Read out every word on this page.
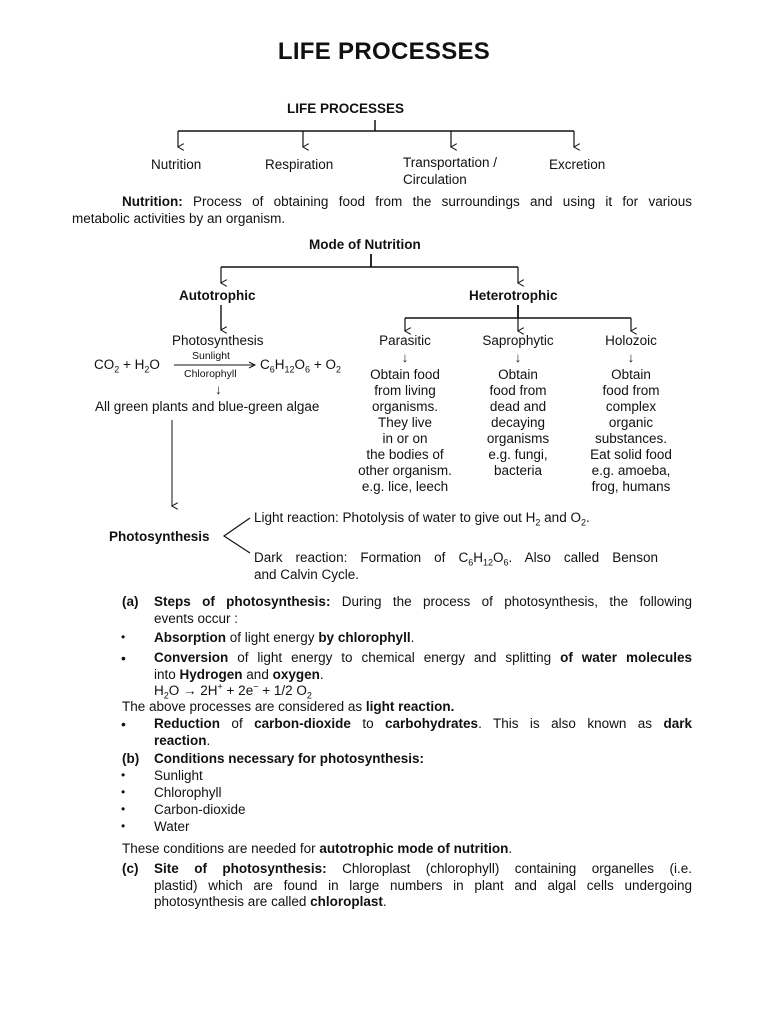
LIFE PROCESSES
LIFE PROCESSES
Nutrition	Respiration	Transportation /
Circulation
Excretion
Nutrition: Process of obtaining food from the surroundings and using it for various
metabolic activities by an organism.
Mode of Nutrition
Autotrophic	Heterotrophic
Photosynthesis
$CO_2 + H_2O$
Sunlight
Chlorophyll
$C_6H_{12}O_6 + O_2$
↓
All green plants and blue-green algae
Parasitic	Saprophytic	Holozoic
↓	↓	↓
Obtain food
from living
organisms.
They live
in or on
the bodies of
other organism.
e.g. lice, leech
Obtain
food from
dead and
decaying
organisms
e.g. fungi,
bacteria
Obtain
food from
complex
organic
substances.
Eat solid food
e.g. amoeba,
frog, humans
Photosynthesis
Light reaction: Photolysis of water to give out $H_2$ and $O_2$.
Dark reaction: Formation of $C_6H_{12}O_6$. Also called Benson
and Calvin Cycle.
(a) Steps of photosynthesis: During the process of photosynthesis, the following
events occur :
• Absorption of light energy by chlorophyll.
• Conversion of light energy to chemical energy and splitting of water molecules
into Hydrogen and oxygen.
$H_2O \to 2H^+ + 2e^- + 1/2$ $O_2$
The above processes are considered as light reaction.
• Reduction of carbon-dioxide to carbohydrates. This is also known as dark
reaction.
(b) Conditions necessary for photosynthesis:
• Sunlight
• Chlorophyll
• Carbon-dioxide
• Water
These conditions are needed for autotrophic mode of nutrition.
(c) Site of photosynthesis: Chloroplast (chlorophyll) containing organelles (i.e.
plastid) which are found in large numbers in plant and algal cells undergoing
photosynthesis are called chloroplast.
